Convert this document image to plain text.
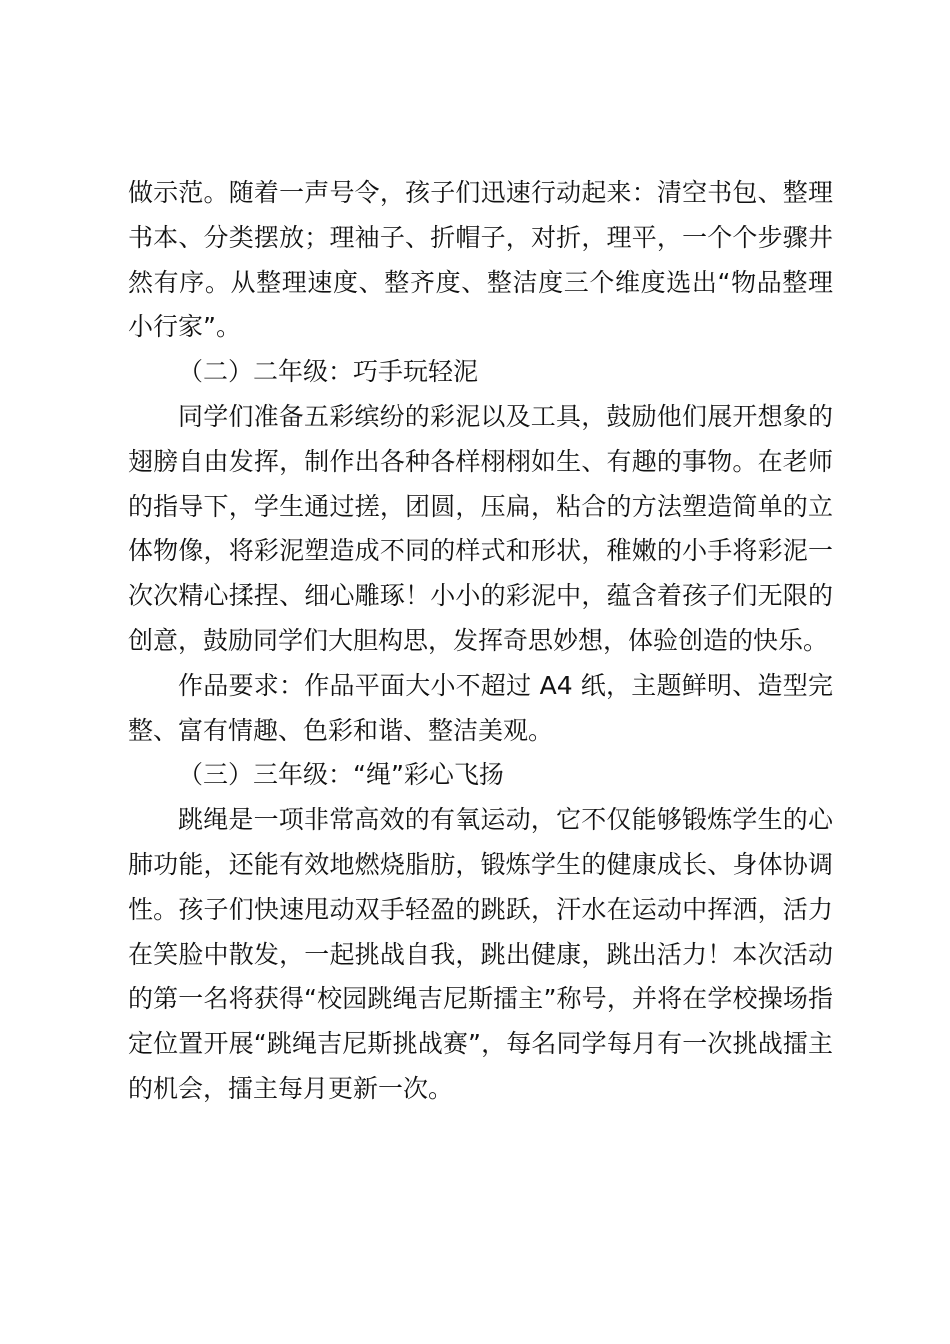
做示范。随着一声号令，孩子们迅速行动起来：清空书包、整理书本、分类摆放；理袖子、折帽子，对折，理平，一个个步骤井然有序。从整理速度、整齐度、整洁度三个维度选出“物品整理小行家”。

（二）二年级：巧手玩轻泥

同学们准备五彩缤纷的彩泥以及工具，鼓励他们展开想象的翅膀自由发挥，制作出各种各样栩栩如生、有趣的事物。在老师的指导下，学生通过搓，团圆，压扁，粘合的方法塑造简单的立体物像，将彩泥塑造成不同的样式和形状，稚嫩的小手将彩泥一次次精心揉捏、细心雕琢！小小的彩泥中，蕴含着孩子们无限的创意，鼓励同学们大胆构思，发挥奇思妙想，体验创造的快乐。

作品要求：作品平面大小不超过 A4 纸，主题鲜明、造型完整、富有情趣、色彩和谐、整洁美观。

（三）三年级：“绳”彩心飞扬

跳绳是一项非常高效的有氧运动，它不仅能够锻炼学生的心肺功能，还能有效地燃烧脂肪，锻炼学生的健康成长、身体协调性。孩子们快速甩动双手轻盈的跳跃，汗水在运动中挥洒，活力在笑脸中散发，一起挑战自我，跳出健康，跳出活力！本次活动的第一名将获得“校园跳绳吉尼斯擂主”称号，并将在学校操场指定位置开展“跳绳吉尼斯挑战赛”，每名同学每月有一次挑战擂主的机会，擂主每月更新一次。
